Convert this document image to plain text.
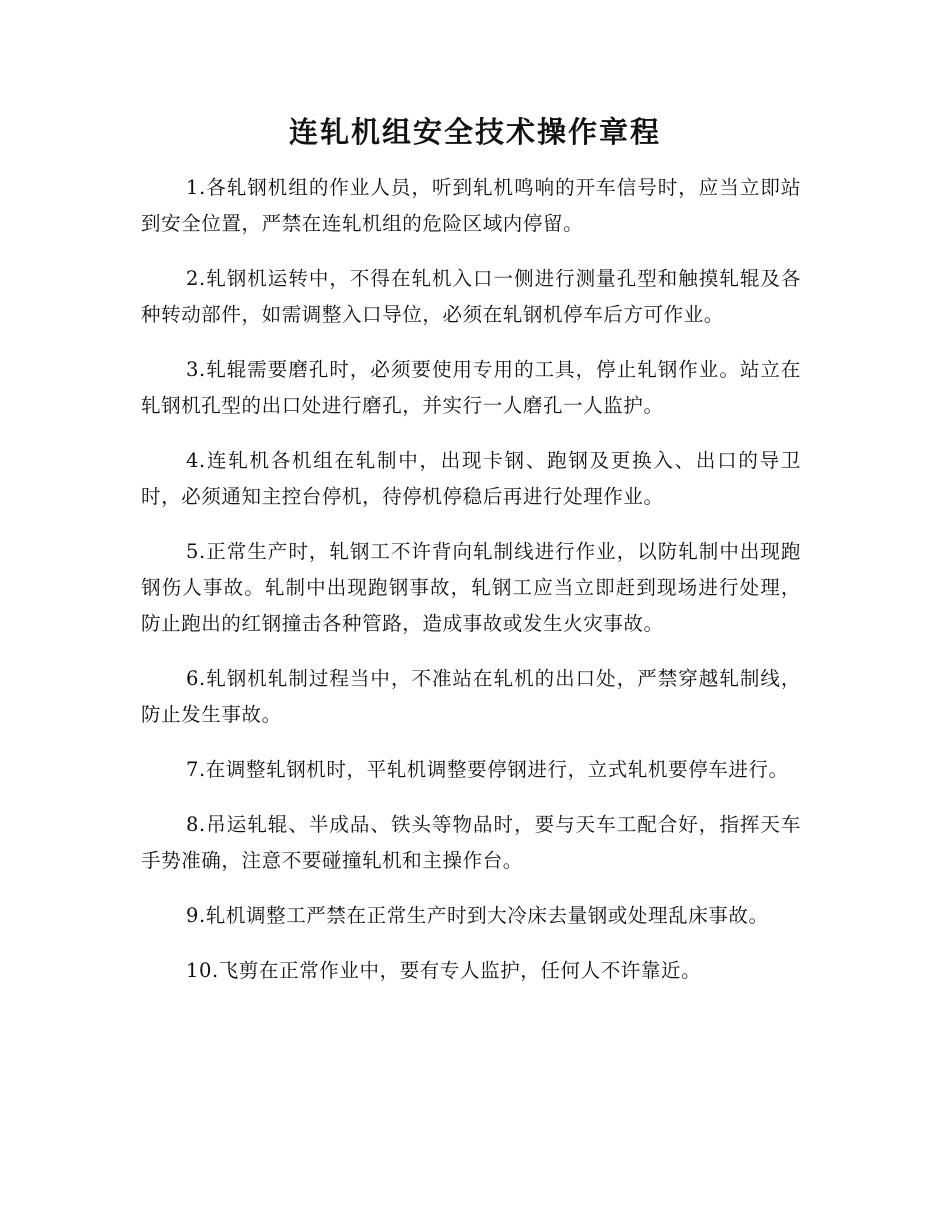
连轧机组安全技术操作章程

1.各轧钢机组的作业人员，听到轧机鸣响的开车信号时，应当立即站到安全位置，严禁在连轧机组的危险区域内停留。

2.轧钢机运转中，不得在轧机入口一侧进行测量孔型和触摸轧辊及各种转动部件，如需调整入口导位，必须在轧钢机停车后方可作业。

3.轧辊需要磨孔时，必须要使用专用的工具，停止轧钢作业。站立在轧钢机孔型的出口处进行磨孔，并实行一人磨孔一人监护。

4.连轧机各机组在轧制中，出现卡钢、跑钢及更换入、出口的导卫时，必须通知主控台停机，待停机停稳后再进行处理作业。

5.正常生产时，轧钢工不许背向轧制线进行作业，以防轧制中出现跑钢伤人事故。轧制中出现跑钢事故，轧钢工应当立即赶到现场进行处理，防止跑出的红钢撞击各种管路，造成事故或发生火灾事故。

6.轧钢机轧制过程当中，不准站在轧机的出口处，严禁穿越轧制线，防止发生事故。

7.在调整轧钢机时，平轧机调整要停钢进行，立式轧机要停车进行。

8.吊运轧辊、半成品、铁头等物品时，要与天车工配合好，指挥天车手势准确，注意不要碰撞轧机和主操作台。

9.轧机调整工严禁在正常生产时到大冷床去量钢或处理乱床事故。

10.飞剪在正常作业中，要有专人监护，任何人不许靠近。
